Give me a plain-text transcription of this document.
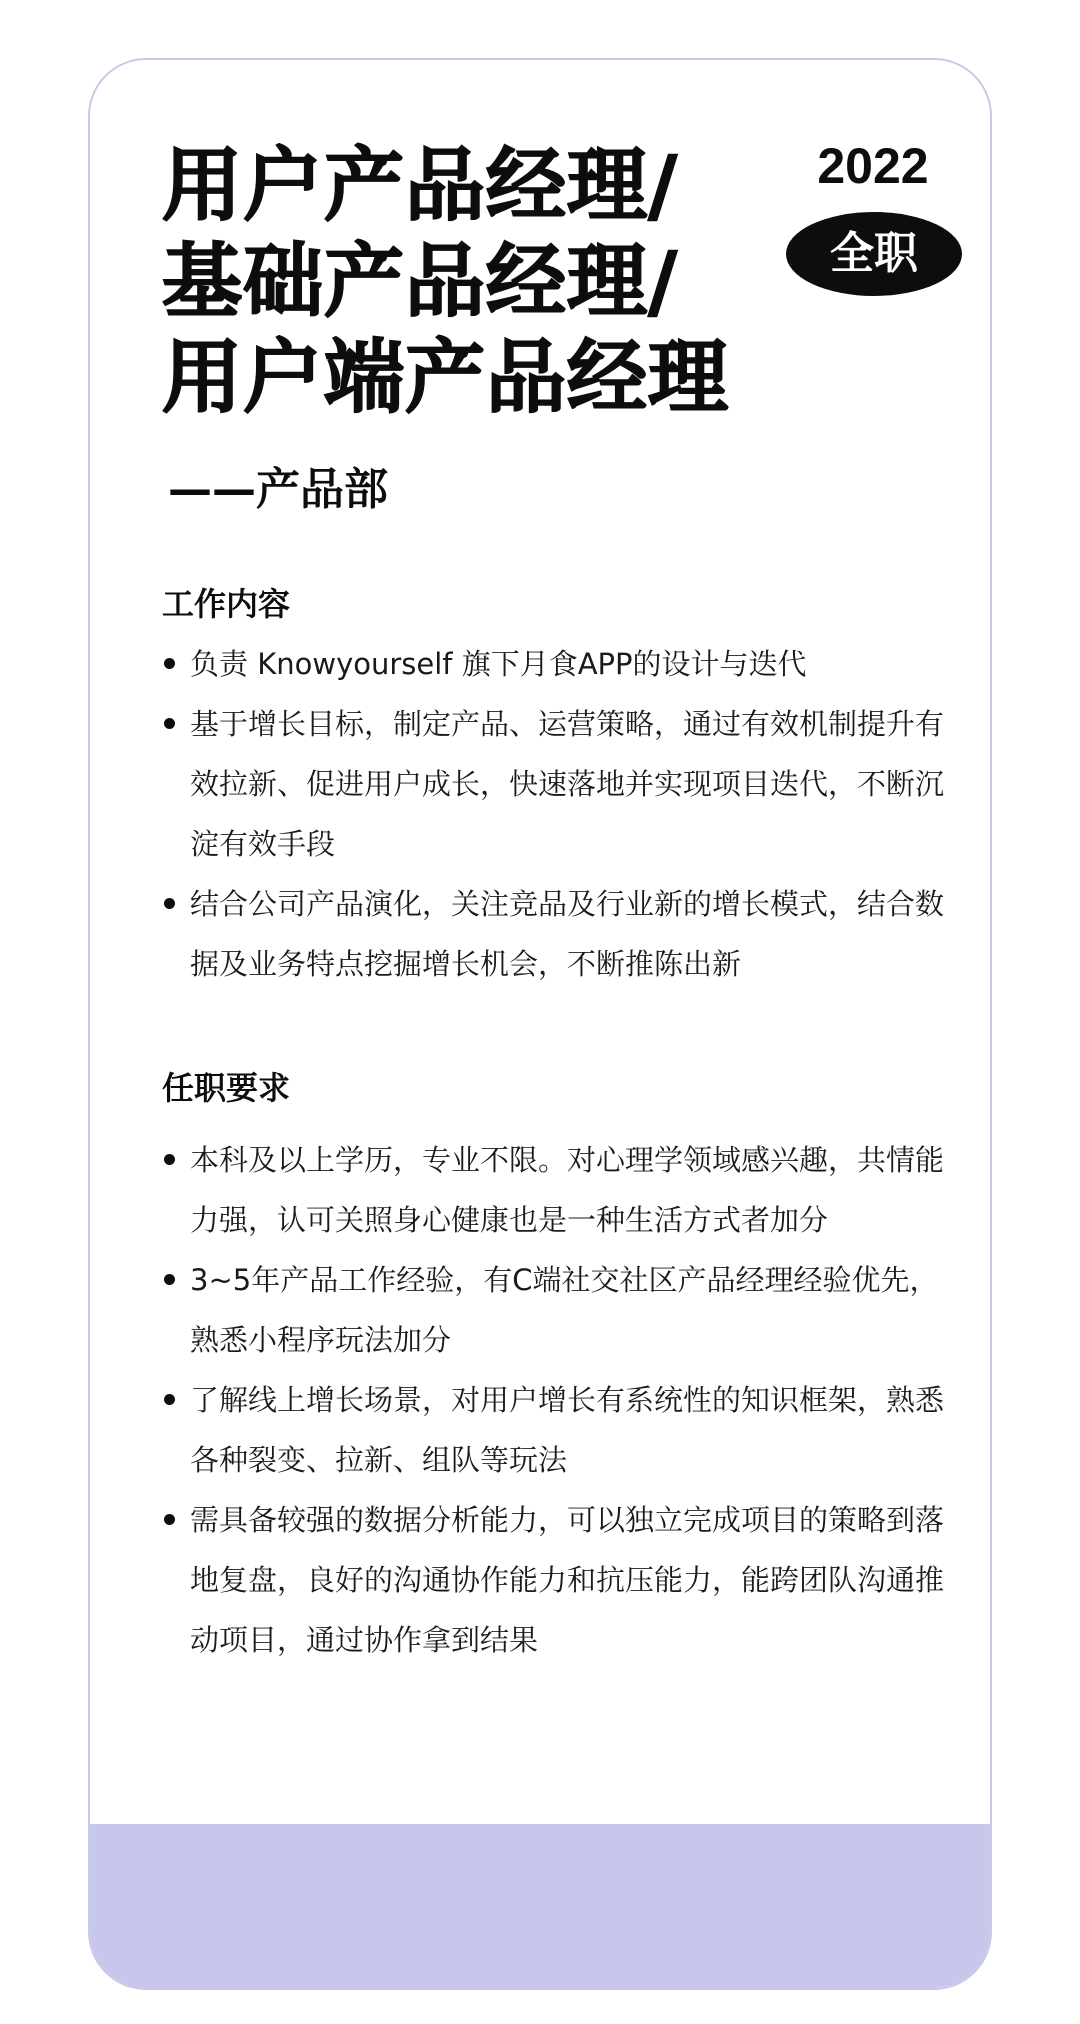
用户产品经理/
基础产品经理/
用户端产品经理
2022
全职
——产品部
工作内容
负责 Knowyourself 旗下月食APP的设计与迭代
基于增长目标，制定产品、运营策略，通过有效机制提升有效拉新、促进用户成长，快速落地并实现项目迭代，不断沉淀有效手段
结合公司产品演化，关注竞品及行业新的增长模式，结合数据及业务特点挖掘增长机会，不断推陈出新
任职要求
本科及以上学历，专业不限。对心理学领域感兴趣，共情能力强，认可关照身心健康也是一种生活方式者加分
3~5年产品工作经验，有C端社交社区产品经理经验优先，熟悉小程序玩法加分
了解线上增长场景，对用户增长有系统性的知识框架，熟悉各种裂变、拉新、组队等玩法
需具备较强的数据分析能力，可以独立完成项目的策略到落地复盘，良好的沟通协作能力和抗压能力，能跨团队沟通推动项目，通过协作拿到结果
